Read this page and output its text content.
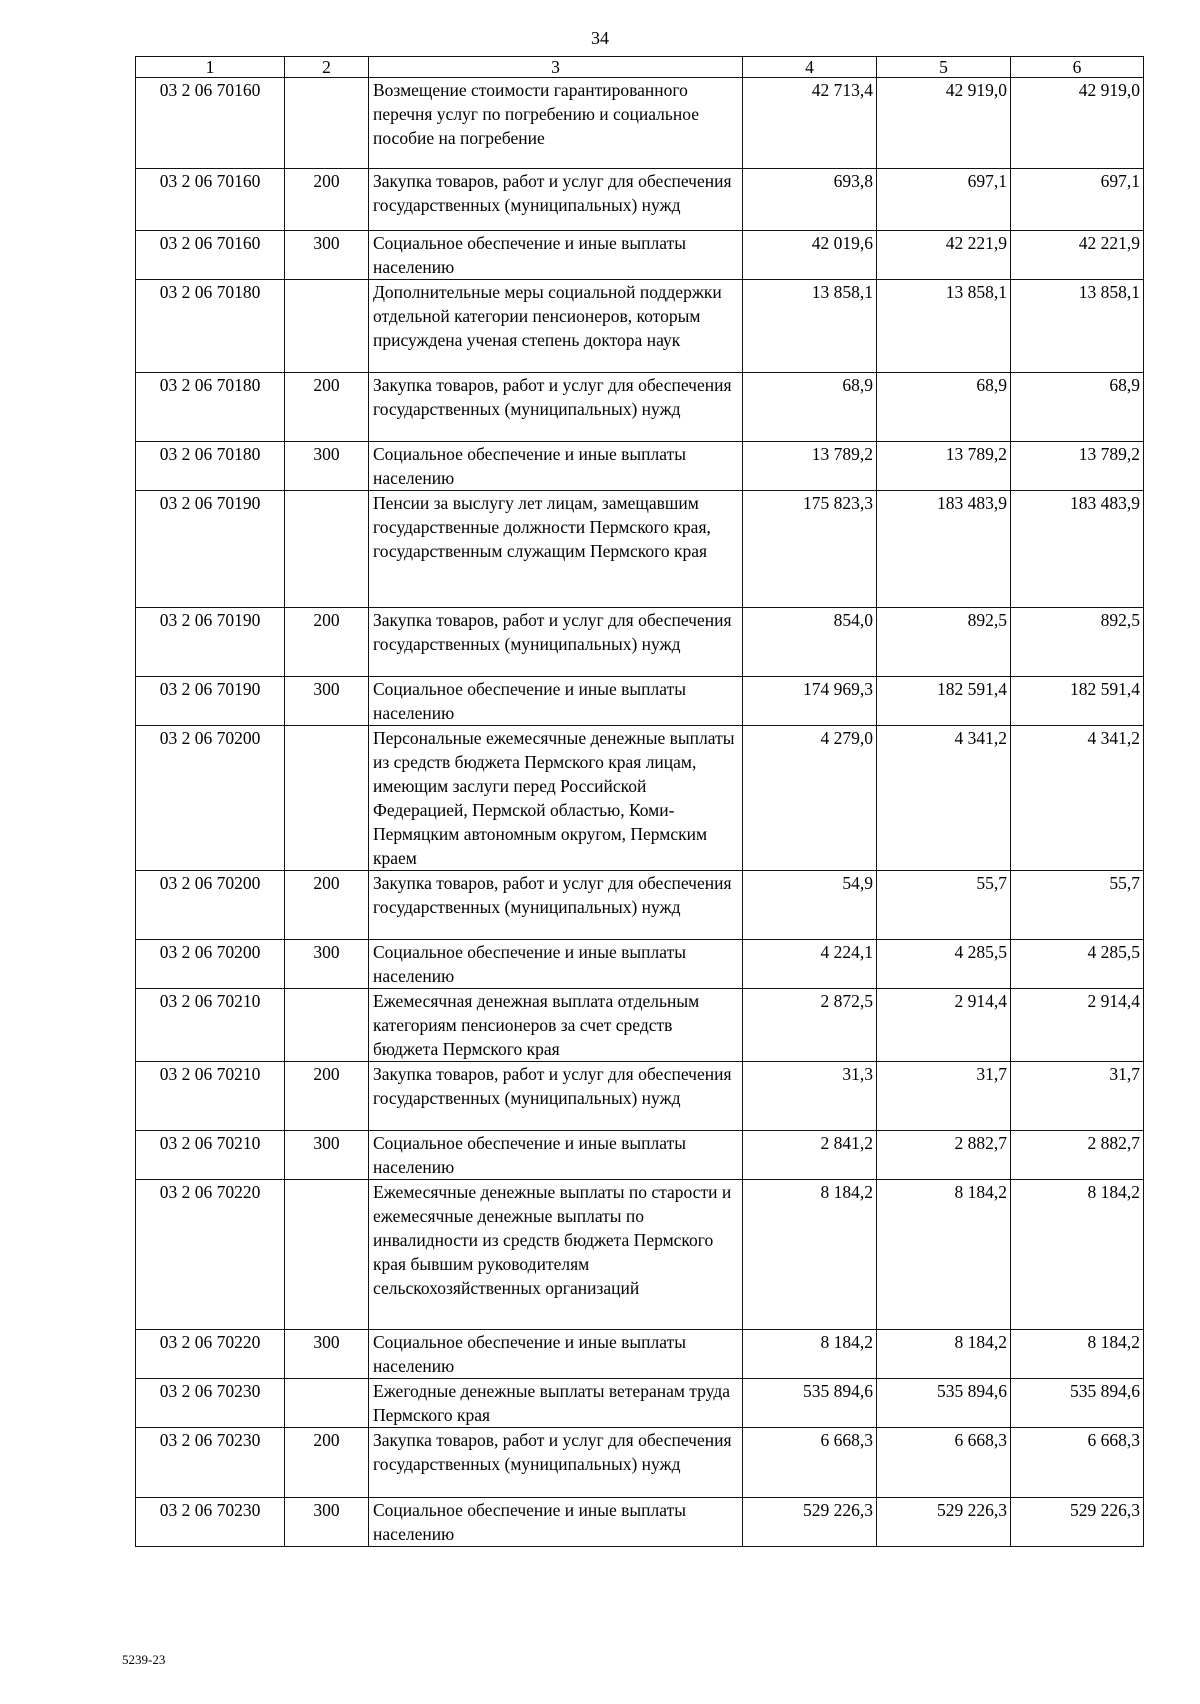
34
1	2	3	4	5	6
03 2 06 70160		Возмещение стоимости гарантированного перечня услуг по погребению и социальное пособие на погребение	42 713,4	42 919,0	42 919,0
03 2 06 70160	200	Закупка товаров, работ и услуг для обеспечения государственных (муниципальных) нужд	693,8	697,1	697,1
03 2 06 70160	300	Социальное обеспечение и иные выплаты населению	42 019,6	42 221,9	42 221,9
03 2 06 70180		Дополнительные меры социальной поддержки отдельной категории пенсионеров, которым присуждена ученая степень доктора наук	13 858,1	13 858,1	13 858,1
03 2 06 70180	200	Закупка товаров, работ и услуг для обеспечения государственных (муниципальных) нужд	68,9	68,9	68,9
03 2 06 70180	300	Социальное обеспечение и иные выплаты населению	13 789,2	13 789,2	13 789,2
03 2 06 70190		Пенсии за выслугу лет лицам, замещавшим государственные должности Пермского края, государственным служащим Пермского края	175 823,3	183 483,9	183 483,9
03 2 06 70190	200	Закупка товаров, работ и услуг для обеспечения государственных (муниципальных) нужд	854,0	892,5	892,5
03 2 06 70190	300	Социальное обеспечение и иные выплаты населению	174 969,3	182 591,4	182 591,4
03 2 06 70200		Персональные ежемесячные денежные выплаты из средств бюджета Пермского края лицам, имеющим заслуги перед Российской Федерацией, Пермской областью, Коми-Пермяцким автономным округом, Пермским краем	4 279,0	4 341,2	4 341,2
03 2 06 70200	200	Закупка товаров, работ и услуг для обеспечения государственных (муниципальных) нужд	54,9	55,7	55,7
03 2 06 70200	300	Социальное обеспечение и иные выплаты населению	4 224,1	4 285,5	4 285,5
03 2 06 70210		Ежемесячная денежная выплата отдельным категориям пенсионеров за счет средств бюджета Пермского края	2 872,5	2 914,4	2 914,4
03 2 06 70210	200	Закупка товаров, работ и услуг для обеспечения государственных (муниципальных) нужд	31,3	31,7	31,7
03 2 06 70210	300	Социальное обеспечение и иные выплаты населению	2 841,2	2 882,7	2 882,7
03 2 06 70220		Ежемесячные денежные выплаты по старости и ежемесячные денежные выплаты по инвалидности из средств бюджета Пермского края бывшим руководителям сельскохозяйственных организаций	8 184,2	8 184,2	8 184,2
03 2 06 70220	300	Социальное обеспечение и иные выплаты населению	8 184,2	8 184,2	8 184,2
03 2 06 70230		Ежегодные денежные выплаты ветеранам труда Пермского края	535 894,6	535 894,6	535 894,6
03 2 06 70230	200	Закупка товаров, работ и услуг для обеспечения государственных (муниципальных) нужд	6 668,3	6 668,3	6 668,3
03 2 06 70230	300	Социальное обеспечение и иные выплаты населению	529 226,3	529 226,3	529 226,3
5239-23
